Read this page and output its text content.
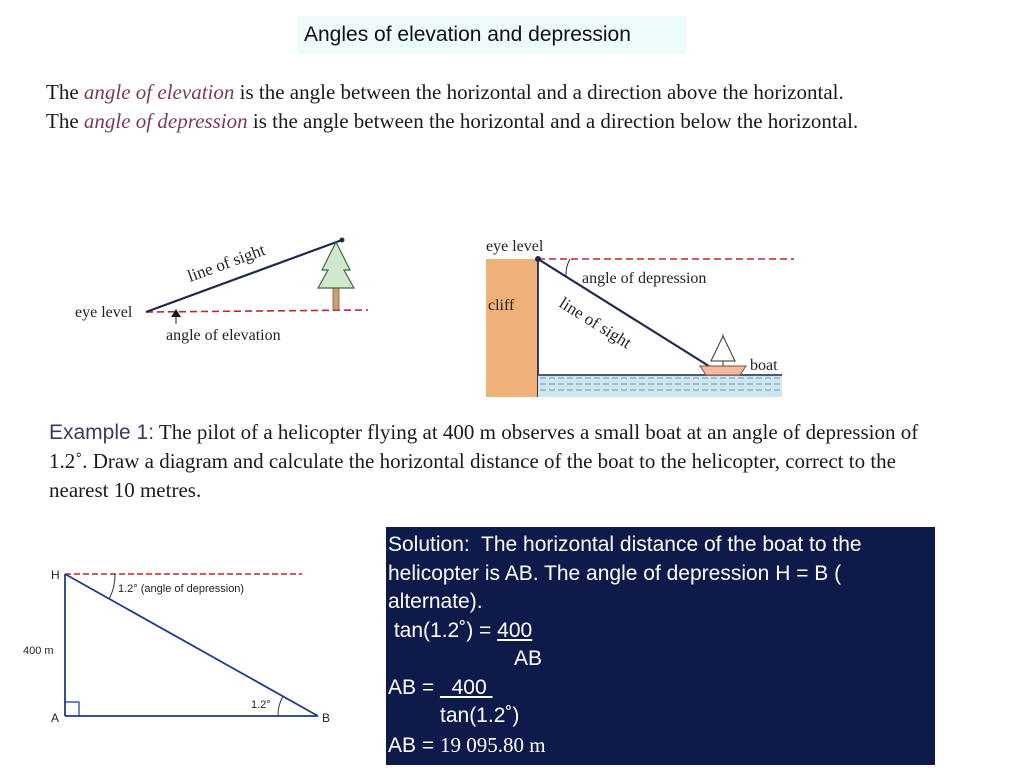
Angles of elevation and depression

The angle of elevation is the angle between the horizontal and a direction above the horizontal.

The angle of depression is the angle between the horizontal and a direction below the horizontal.

line of sight
eye level
angle of elevation
eye level
angle of depression
cliff line of sight
boat
Example 1: The pilot of a helicopter flying at 400 m observes a small boat at an angle of depression of 1.2˚. Draw a diagram and calculate the horizontal distance of the boat to the helicopter, correct to the nearest 10 metres.
H
A	B
400 m
1.2° (angle of depression)
1.2°
Solution:  The horizontal distance of the boat to the
helicopter is AB. The angle of depression H = B (
alternate).
tan(1.2˚) = 400
AB
AB =   400
tan(1.2˚)
AB = 19 095.80 m
